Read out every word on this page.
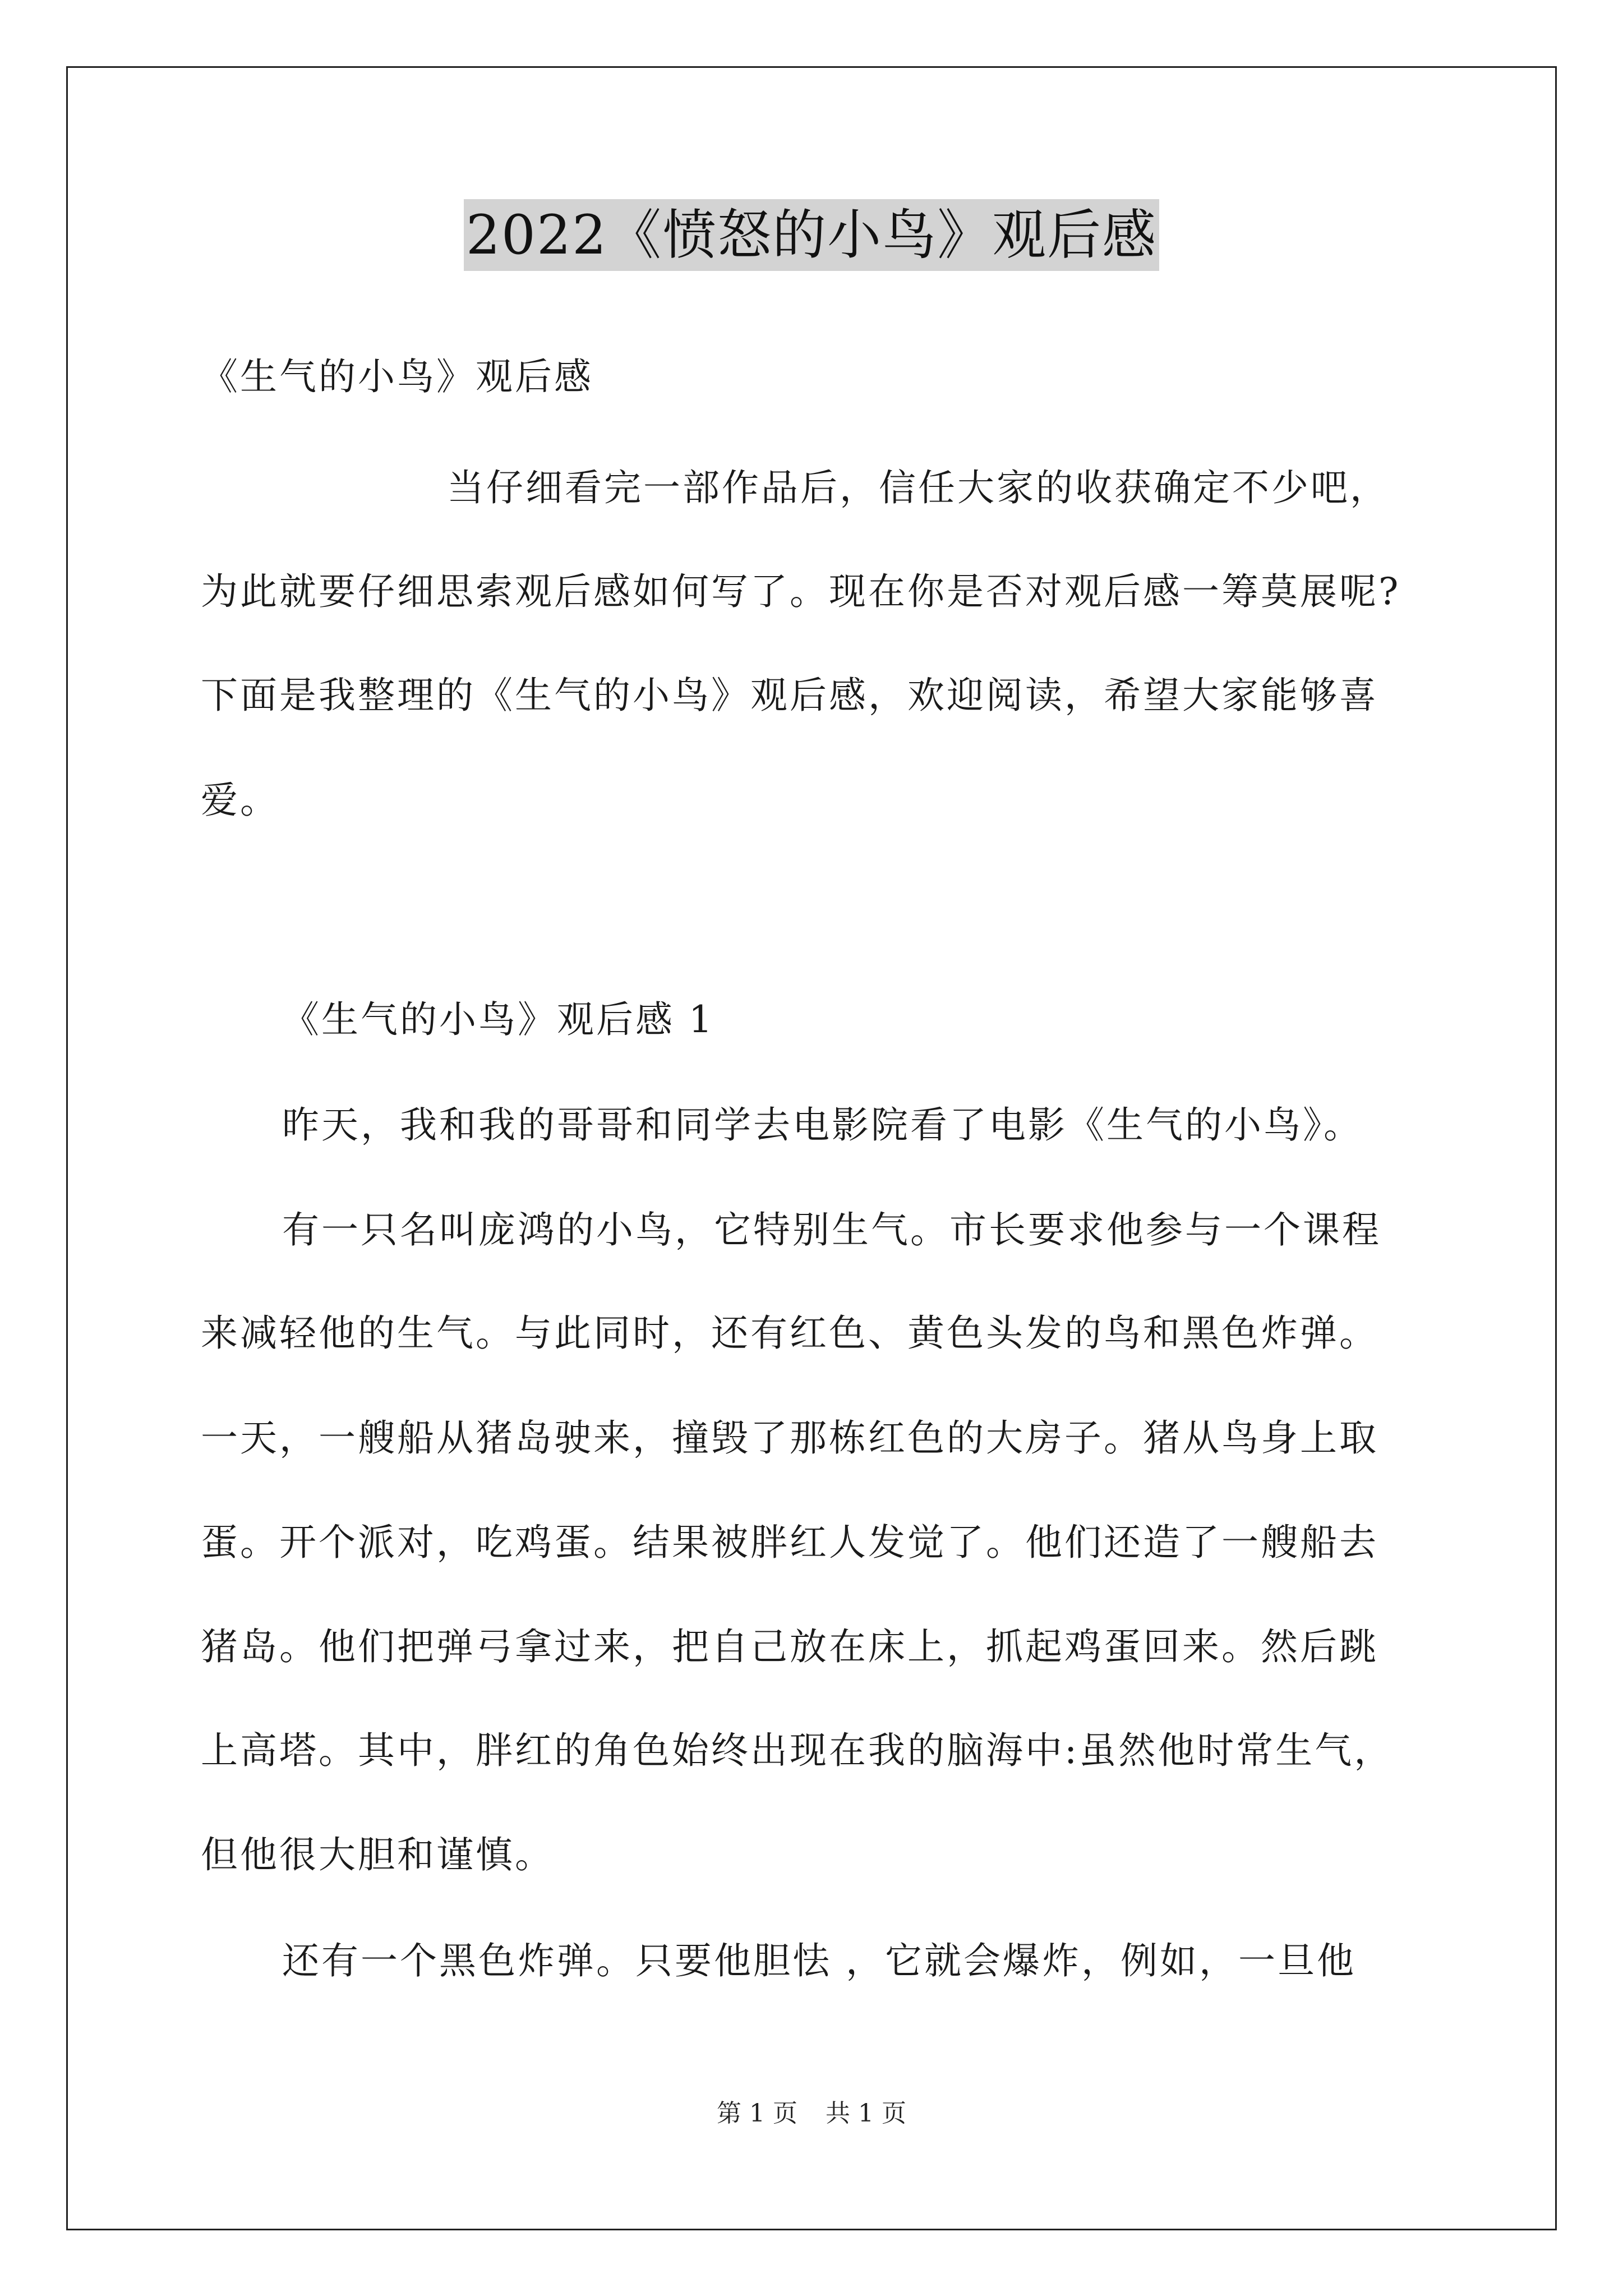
2022《愤怒的小鸟》观后感
《生气的小鸟》观后感
当仔细看完一部作品后，信任大家的收获确定不少吧，
为此就要仔细思索观后感如何写了。现在你是否对观后感一筹莫展呢?
下面是我整理的《生气的小鸟》观后感，欢迎阅读，希望大家能够喜
爱。
《生气的小鸟》观后感 1
昨天，我和我的哥哥和同学去电影院看了电影《生气的小鸟》。
有一只名叫庞鸿的小鸟，它特别生气。市长要求他参与一个课程
来减轻他的生气。与此同时，还有红色、黄色头发的鸟和黑色炸弹。
一天，一艘船从猪岛驶来，撞毁了那栋红色的大房子。猪从鸟身上取
蛋。开个派对，吃鸡蛋。结果被胖红人发觉了。他们还造了一艘船去
猪岛。他们把弹弓拿过来，把自己放在床上，抓起鸡蛋回来。然后跳
上高塔。其中，胖红的角色始终出现在我的脑海中:虽然他时常生气，
但他很大胆和谨慎。
还有一个黑色炸弹。只要他胆怯 ，它就会爆炸，例如，一旦他
第 1 页 共 1 页
